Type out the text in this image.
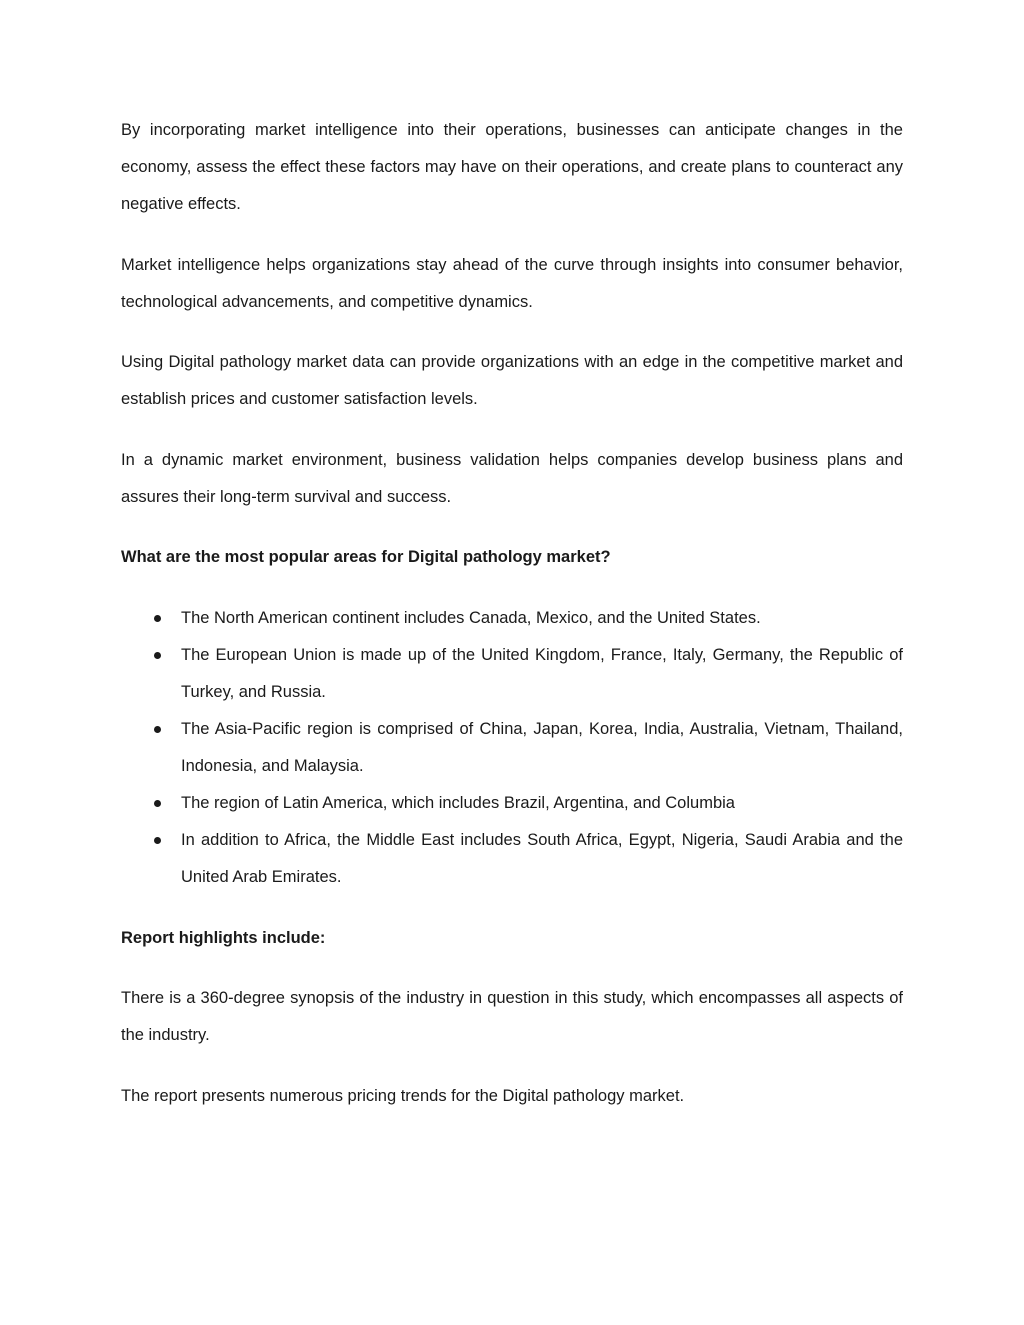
By incorporating market intelligence into their operations, businesses can anticipate changes in the economy, assess the effect these factors may have on their operations, and create plans to counteract any negative effects.

Market intelligence helps organizations stay ahead of the curve through insights into consumer behavior, technological advancements, and competitive dynamics.

Using Digital pathology market data can provide organizations with an edge in the competitive market and establish prices and customer satisfaction levels.

In a dynamic market environment, business validation helps companies develop business plans and assures their long-term survival and success.

What are the most popular areas for Digital pathology market?

The North American continent includes Canada, Mexico, and the United States.
The European Union is made up of the United Kingdom, France, Italy, Germany, the Republic of Turkey, and Russia.
The Asia-Pacific region is comprised of China, Japan, Korea, India, Australia, Vietnam, Thailand, Indonesia, and Malaysia.
The region of Latin America, which includes Brazil, Argentina, and Columbia
In addition to Africa, the Middle East includes South Africa, Egypt, Nigeria, Saudi Arabia and the United Arab Emirates.

Report highlights include:

There is a 360-degree synopsis of the industry in question in this study, which encompasses all aspects of the industry.

The report presents numerous pricing trends for the Digital pathology market.
